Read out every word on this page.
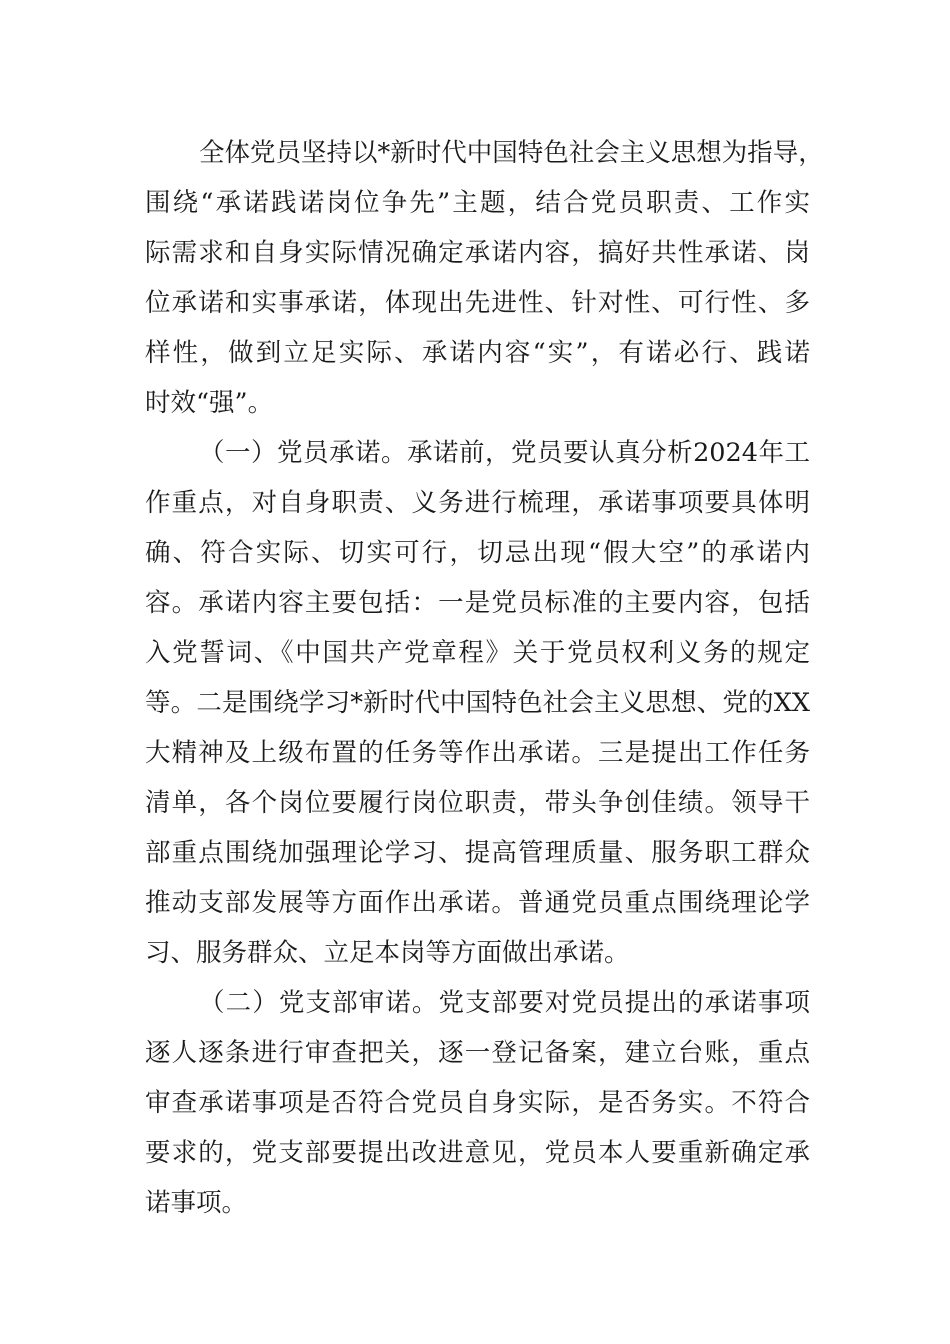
全体党员坚持以*新时代中国特色社会主义思想为指导，
围绕“承诺践诺岗位争先”主题，结合党员职责、工作实
际需求和自身实际情况确定承诺内容，搞好共性承诺、岗
位承诺和实事承诺，体现出先进性、针对性、可行性、多
样性，做到立足实际、承诺内容“实”，有诺必行、践诺
时效“强”。
（一）党员承诺。承诺前，党员要认真分析2024年工
作重点，对自身职责、义务进行梳理，承诺事项要具体明
确、符合实际、切实可行，切忌出现“假大空”的承诺内
容。承诺内容主要包括：一是党员标准的主要内容，包括
入党誓词、《中国共产党章程》关于党员权利义务的规定
等。二是围绕学习*新时代中国特色社会主义思想、党的XX
大精神及上级布置的任务等作出承诺。三是提出工作任务
清单，各个岗位要履行岗位职责，带头争创佳绩。领导干
部重点围绕加强理论学习、提高管理质量、服务职工群众
推动支部发展等方面作出承诺。普通党员重点围绕理论学
习、服务群众、立足本岗等方面做出承诺。
（二）党支部审诺。党支部要对党员提出的承诺事项
逐人逐条进行审查把关，逐一登记备案，建立台账，重点
审查承诺事项是否符合党员自身实际，是否务实。不符合
要求的，党支部要提出改进意见，党员本人要重新确定承
诺事项。
